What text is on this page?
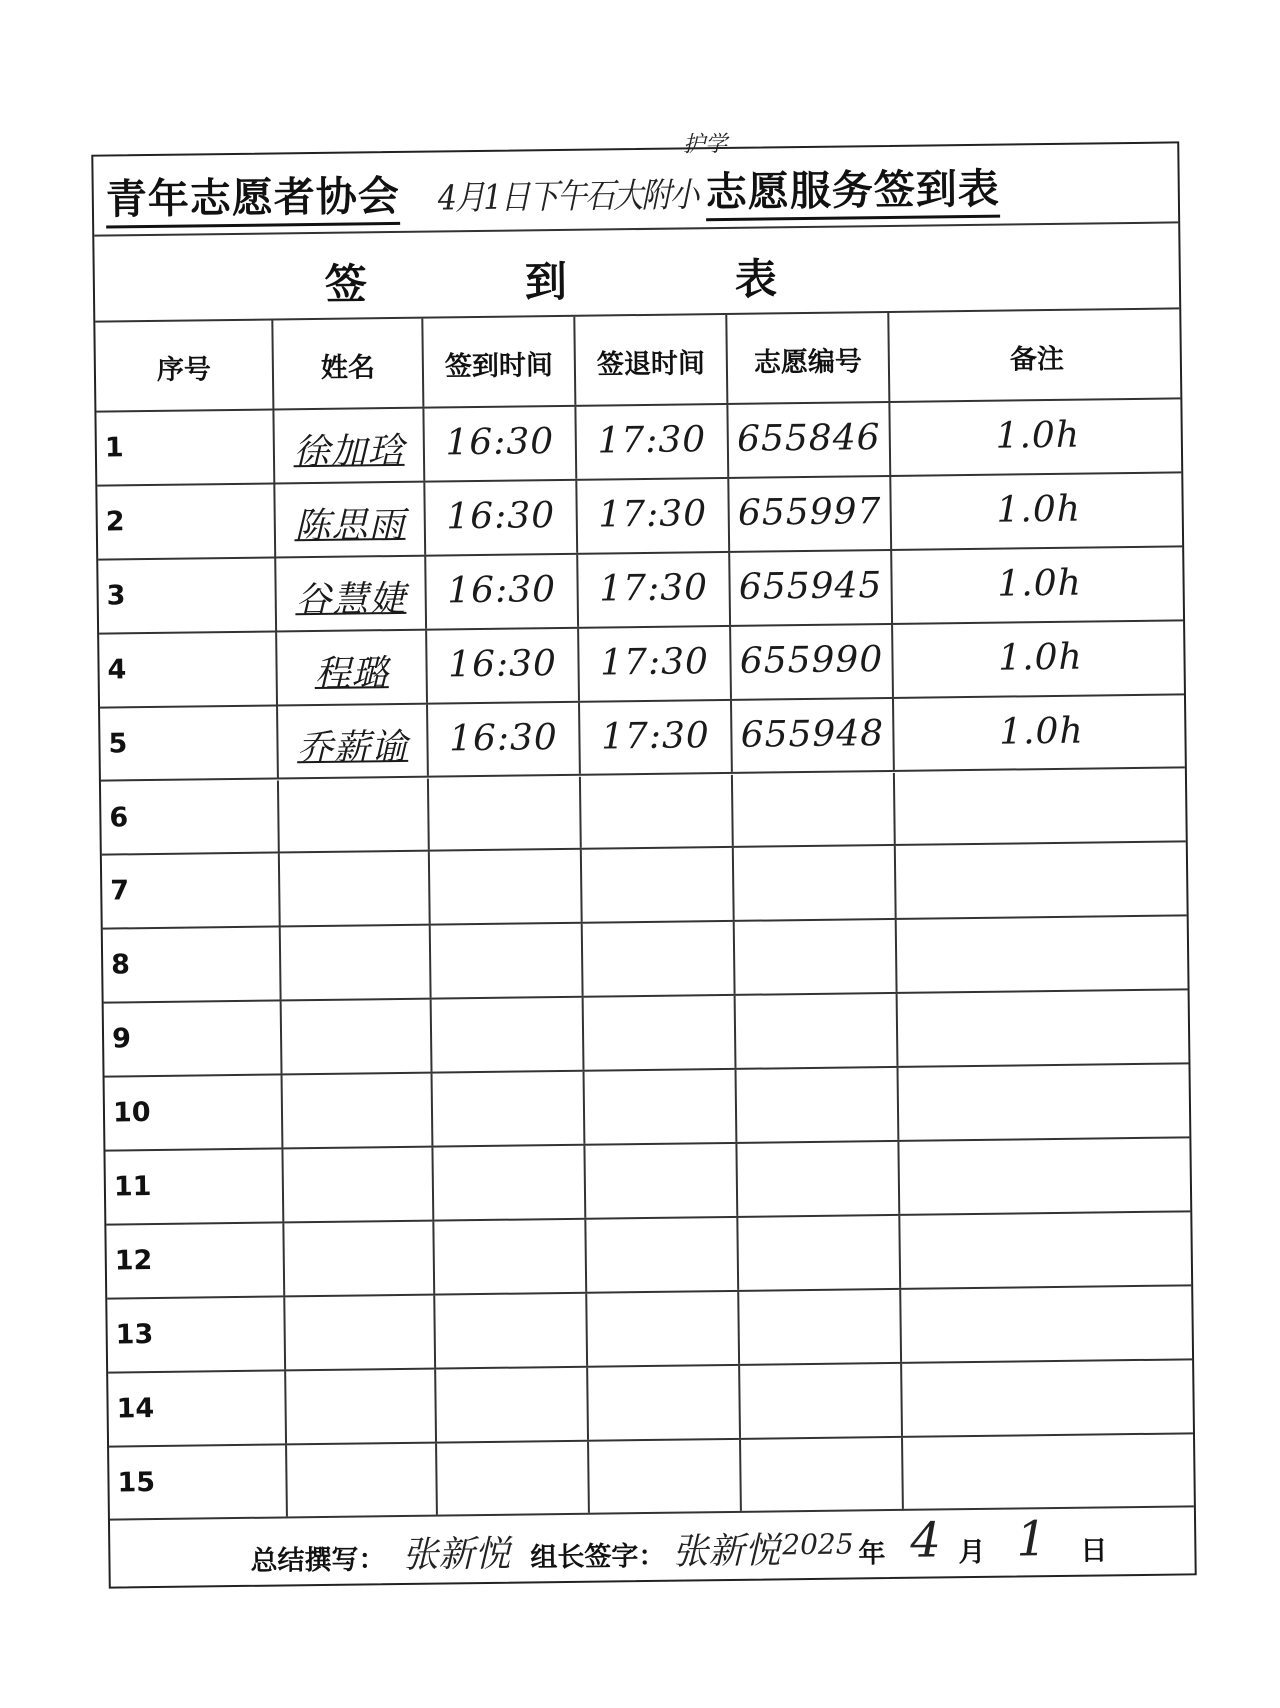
青年志愿者协会 4月1日下午石大附小
护学
志愿服务签到表
签	到	表
序号	姓名	签到时间	签退时间	志愿编号	备注
1	徐加琀	16:30	17:30 655846	1.0h
2	陈思雨	16:30	17:30 655997	1.0h
3	谷慧婕	16:30	17:30 655945	1.0h
4	程璐	16:30	17:30 655990	1.0h
5	乔薪谕	16:30	17:30 655948	1.0h
6
7
8
9
10
11
12
13
14
15
总结撰写： 张新悦 组长签字： 张新悦 2025 年 4 月 1 日
